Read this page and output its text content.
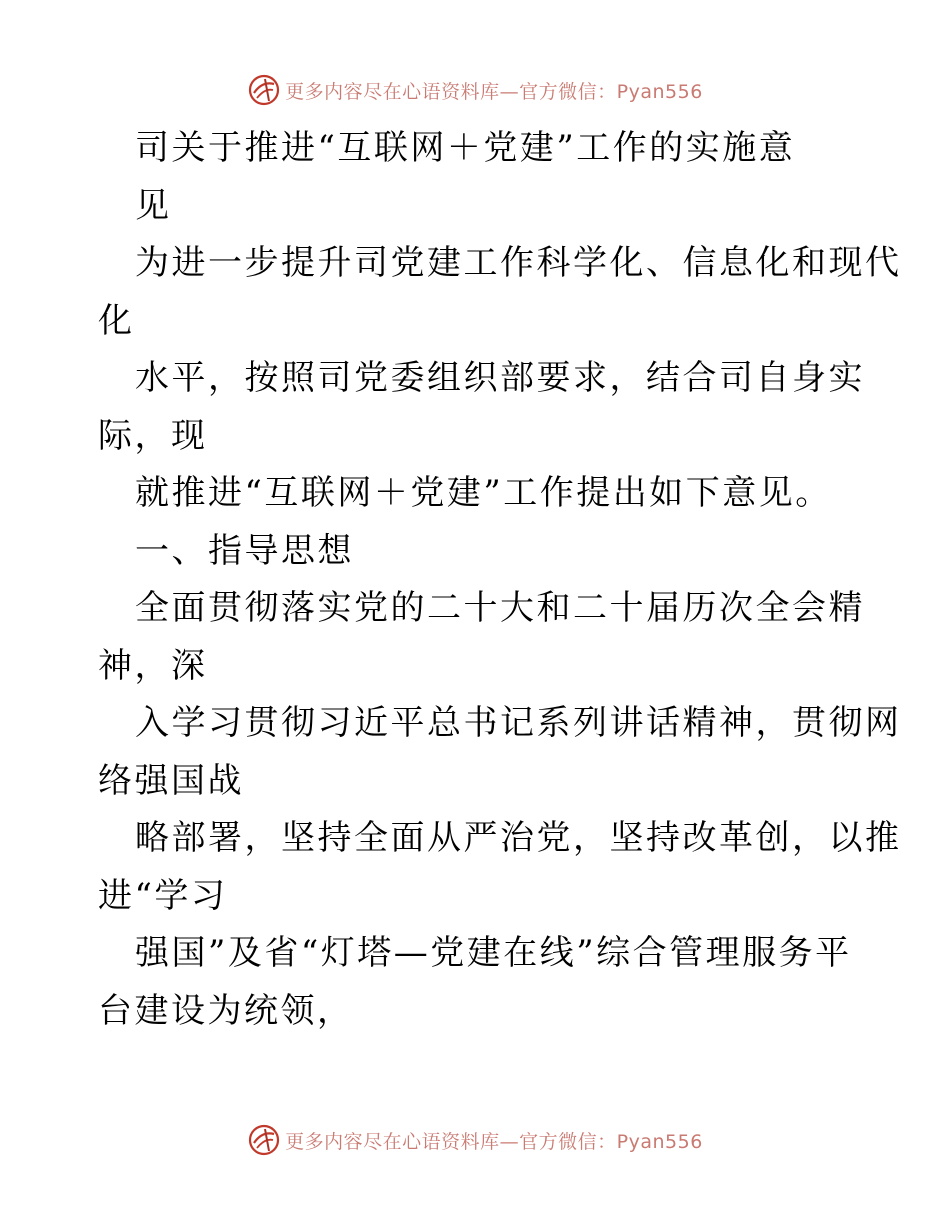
更多内容尽在心语资料库—官方微信：Pyan556
司关于推进“互联网＋党建”工作的实施意
见
为进一步提升司党建工作科学化、信息化和现代
化
水平，按照司党委组织部要求，结合司自身实
际，现
就推进“互联网＋党建”工作提出如下意见。
一、指导思想
全面贯彻落实党的二十大和二十届历次全会精
神，深
入学习贯彻习近平总书记系列讲话精神，贯彻网
络强国战
略部署，坚持全面从严治党，坚持改革创，以推
进“学习
强国”及省“灯塔—党建在线”综合管理服务平
台建设为统领，
更多内容尽在心语资料库—官方微信：Pyan556
